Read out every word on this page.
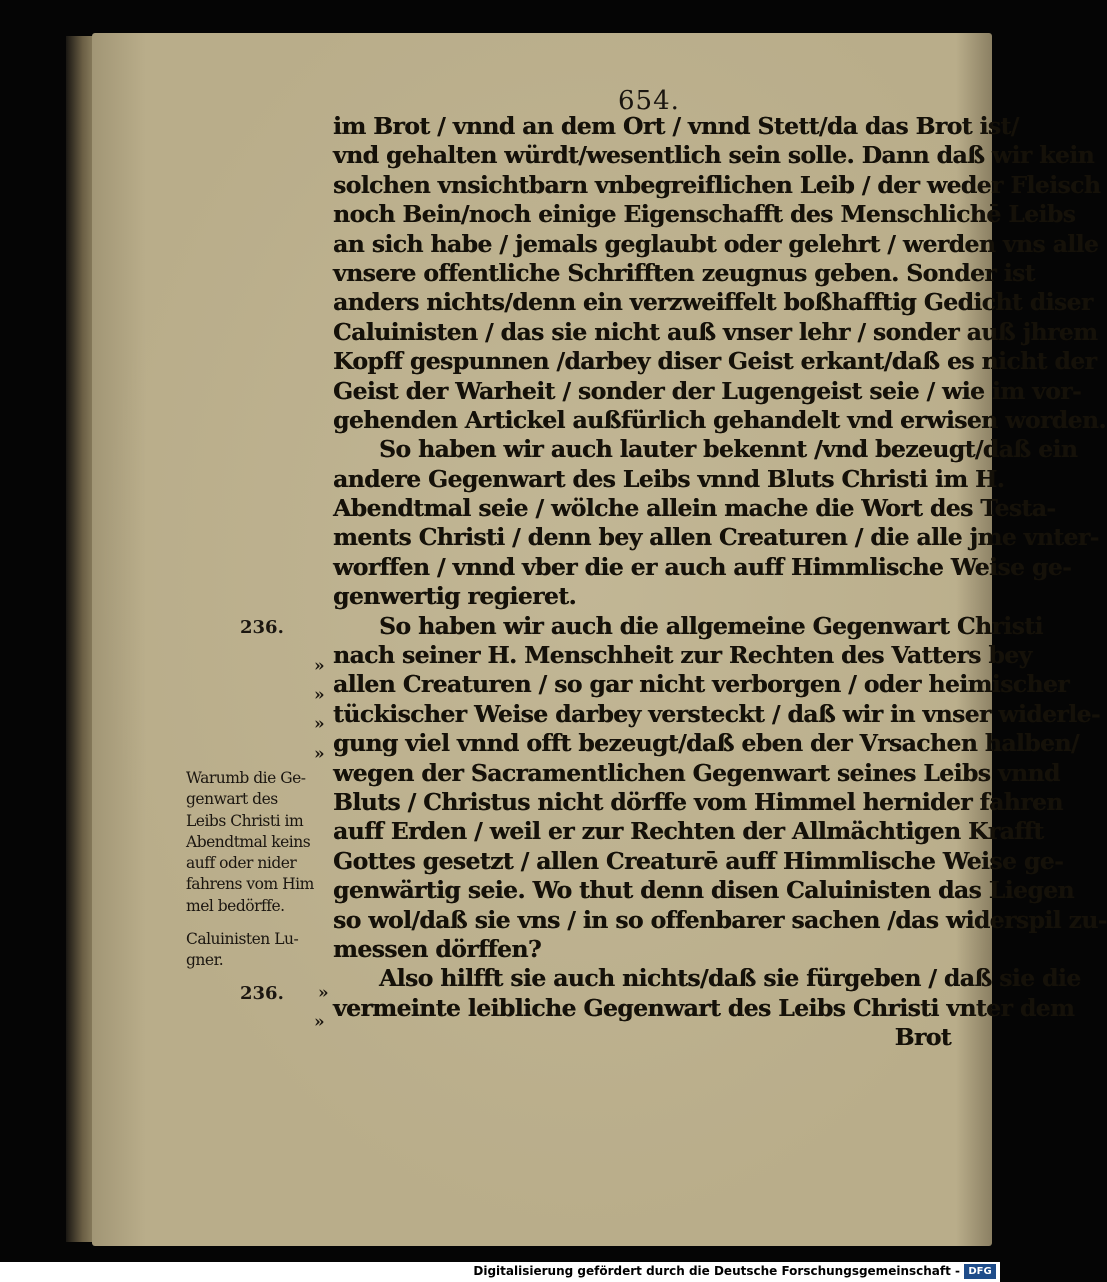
654.
im Brot / vnnd an dem Ort / vnnd Stett/da das Brot ist/
vnd gehalten würdt/wesentlich sein solle. Dann daß wir kein
solchen vnsichtbarn vnbegreiflichen Leib / der weder Fleisch
noch Bein/noch einige Eigenschafft des Menschlichē Leibs
an sich habe / jemals geglaubt oder gelehrt / werden vns alle
vnsere offentliche Schrifften zeugnus geben. Sonder ist
anders nichts/denn ein verzweiffelt boßhafftig Gedicht diser
Caluinisten / das sie nicht auß vnser lehr / sonder auß jhrem
Kopff gespunnen /darbey diser Geist erkant/daß es nicht der
Geist der Warheit / sonder der Lugengeist seie / wie im vor-
gehenden Artickel außfürlich gehandelt vnd erwisen worden.
So haben wir auch lauter bekennt /vnd bezeugt/daß ein
andere Gegenwart des Leibs vnnd Bluts Christi im H.
Abendtmal seie / wölche allein mache die Wort des Testa-
ments Christi / denn bey allen Creaturen / die alle jme vnter-
worffen / vnnd vber die er auch auff Himmlische Weise ge-
genwertig regieret.
So haben wir auch die allgemeine Gegenwart Christi
nach seiner H. Menschheit zur Rechten des Vatters bey
allen Creaturen / so gar nicht verborgen / oder heimischer
tückischer Weise darbey versteckt / daß wir in vnser widerle-
gung viel vnnd offt bezeugt/daß eben der Vrsachen halben/
wegen der Sacramentlichen Gegenwart seines Leibs vnnd
Bluts / Christus nicht dörffe vom Himmel hernider fahren
auff Erden / weil er zur Rechten der Allmächtigen Krafft
Gottes gesetzt / allen Creaturē auff Himmlische Weise ge-
genwärtig seie. Wo thut denn disen Caluinisten das Liegen
so wol/daß sie vns / in so offenbarer sachen /das widerspil zu-
messen dörffen?
Also hilfft sie auch nichts/daß sie fürgeben / daß sie die
vermeinte leibliche Gegenwart des Leibs Christi vnter dem
Brot
236.
236.
»
»
»
»
»
»
Warumb die Ge-
genwart des
Leibs Christi im
Abendtmal keins
auff oder nider
fahrens vom Him
mel bedörffe.
Caluinisten Lu-
gner.
Digitalisierung gefördert durch die Deutsche Forschungsgemeinschaft - DFG
